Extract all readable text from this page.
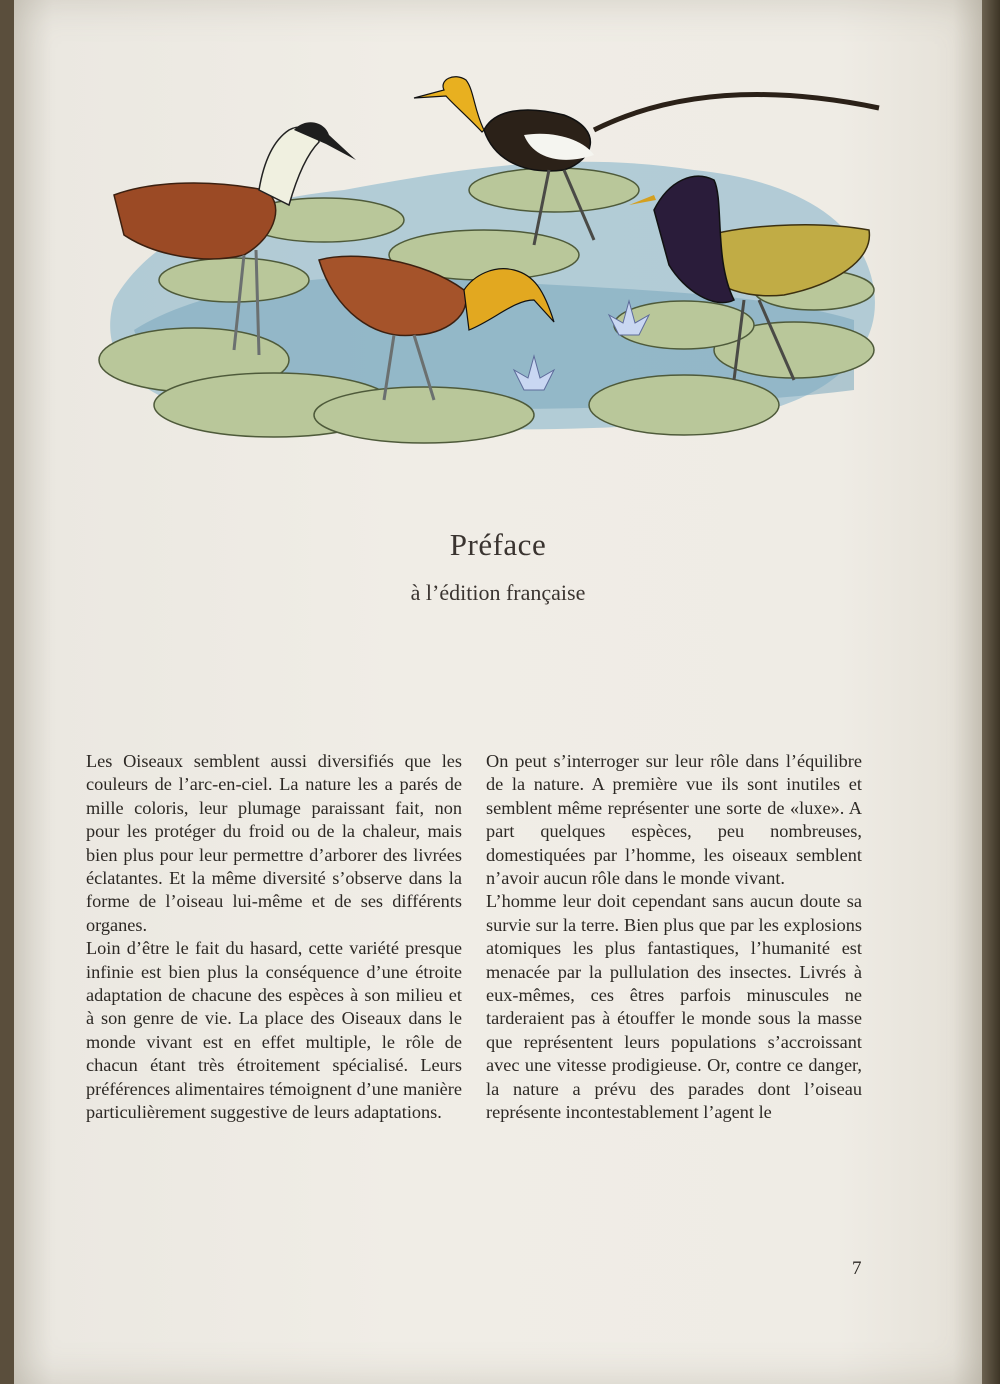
Préface
à l’édition française

Les Oiseaux semblent aussi diversifiés que les couleurs de l’arc-en-ciel. La nature les a parés de mille coloris, leur plumage paraissant fait, non pour les protéger du froid ou de la chaleur, mais bien plus pour leur permettre d’arborer des livrées éclatantes. Et la même diversité s’observe dans la forme de l’oiseau lui-même et de ses différents organes.

Loin d’être le fait du hasard, cette variété presque infinie est bien plus la conséquence d’une étroite adaptation de chacune des espèces à son milieu et à son genre de vie. La place des Oiseaux dans le monde vivant est en effet multiple, le rôle de chacun étant très étroitement spécialisé. Leurs préférences alimentaires témoignent d’une manière particulièrement suggestive de leurs adaptations.

On peut s’interroger sur leur rôle dans l’équilibre de la nature. A première vue ils sont inutiles et semblent même représenter une sorte de «luxe». A part quelques espèces, peu nombreuses, domestiquées par l’homme, les oiseaux semblent n’avoir aucun rôle dans le monde vivant.

L’homme leur doit cependant sans aucun doute sa survie sur la terre. Bien plus que par les explosions atomiques les plus fantastiques, l’humanité est menacée par la pullulation des insectes. Livrés à eux-mêmes, ces êtres parfois minuscules ne tarderaient pas à étouffer le monde sous la masse que représentent leurs populations s’accroissant avec une vitesse prodigieuse. Or, contre ce danger, la nature a prévu des parades dont l’oiseau représente incontestablement l’agent le

7
